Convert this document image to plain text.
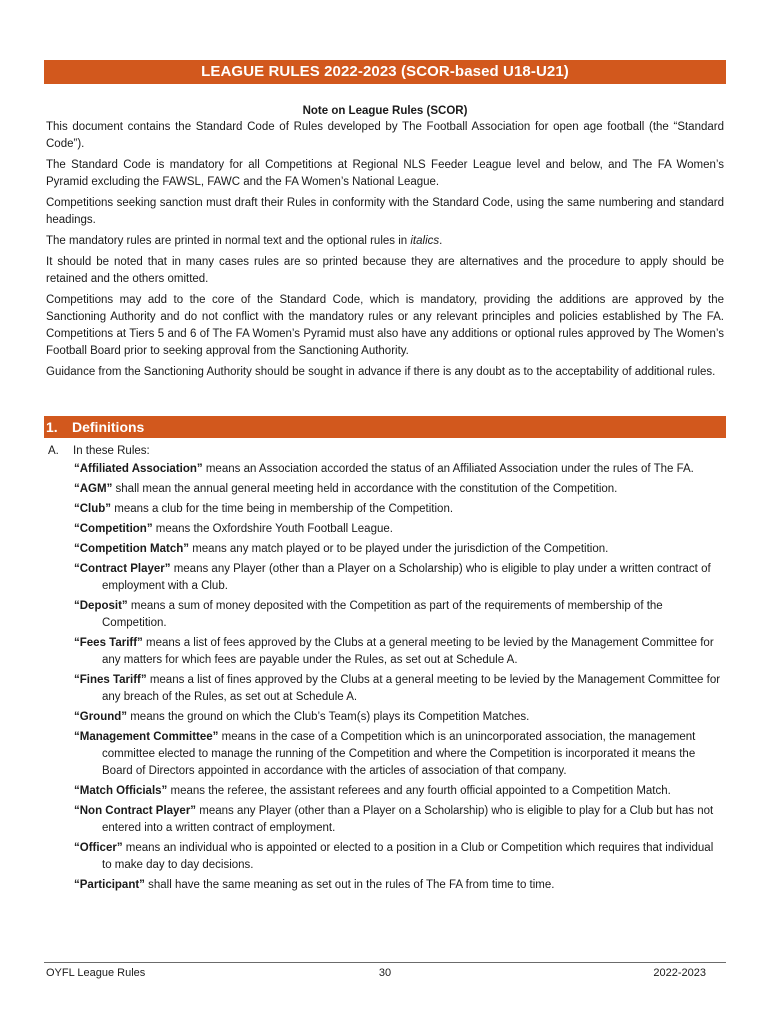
LEAGUE RULES 2022-2023 (SCOR-based U18-U21)
Note on League Rules (SCOR)

This document contains the Standard Code of Rules developed by The Football Association for open age football (the “Standard Code”).

The Standard Code is mandatory for all Competitions at Regional NLS Feeder League level and below, and The FA Women’s Pyramid excluding the FAWSL, FAWC and the FA Women’s National League.

Competitions seeking sanction must draft their Rules in conformity with the Standard Code, using the same numbering and standard headings.

The mandatory rules are printed in normal text and the optional rules in italics.

It should be noted that in many cases rules are so printed because they are alternatives and the procedure to apply should be retained and the others omitted.

Competitions may add to the core of the Standard Code, which is mandatory, providing the additions are approved by the Sanctioning Authority and do not conflict with the mandatory rules or any relevant principles and policies established by The FA. Competitions at Tiers 5 and 6 of The FA Women’s Pyramid must also have any additions or optional rules approved by The Women’s Football Board prior to seeking approval from the Sanctioning Authority.

Guidance from the Sanctioning Authority should be sought in advance if there is any doubt as to the acceptability of additional rules.

1. Definitions
A. In these Rules:

“Affiliated Association” means an Association accorded the status of an Affiliated Association under the rules of The FA.

“AGM” shall mean the annual general meeting held in accordance with the constitution of the Competition.

“Club” means a club for the time being in membership of the Competition.

“Competition” means the Oxfordshire Youth Football League.

“Competition Match” means any match played or to be played under the jurisdiction of the Competition.

“Contract Player” means any Player (other than a Player on a Scholarship) who is eligible to play under a written contract of employment with a Club.

“Deposit” means a sum of money deposited with the Competition as part of the requirements of membership of the Competition.

“Fees Tariff” means a list of fees approved by the Clubs at a general meeting to be levied by the Management Committee for any matters for which fees are payable under the Rules, as set out at Schedule A.

“Fines Tariff” means a list of fines approved by the Clubs at a general meeting to be levied by the Management Committee for any breach of the Rules, as set out at Schedule A.

“Ground” means the ground on which the Club’s Team(s) plays its Competition Matches.

“Management Committee” means in the case of a Competition which is an unincorporated association, the management committee elected to manage the running of the Competition and where the Competition is incorporated it means the Board of Directors appointed in accordance with the articles of association of that company.

“Match Officials” means the referee, the assistant referees and any fourth official appointed to a Competition Match.

“Non Contract Player” means any Player (other than a Player on a Scholarship) who is eligible to play for a Club but has not entered into a written contract of employment.

“Officer” means an individual who is appointed or elected to a position in a Club or Competition which requires that individual to make day to day decisions.

“Participant” shall have the same meaning as set out in the rules of The FA from time to time.

OYFL League Rules	30	2022-2023
